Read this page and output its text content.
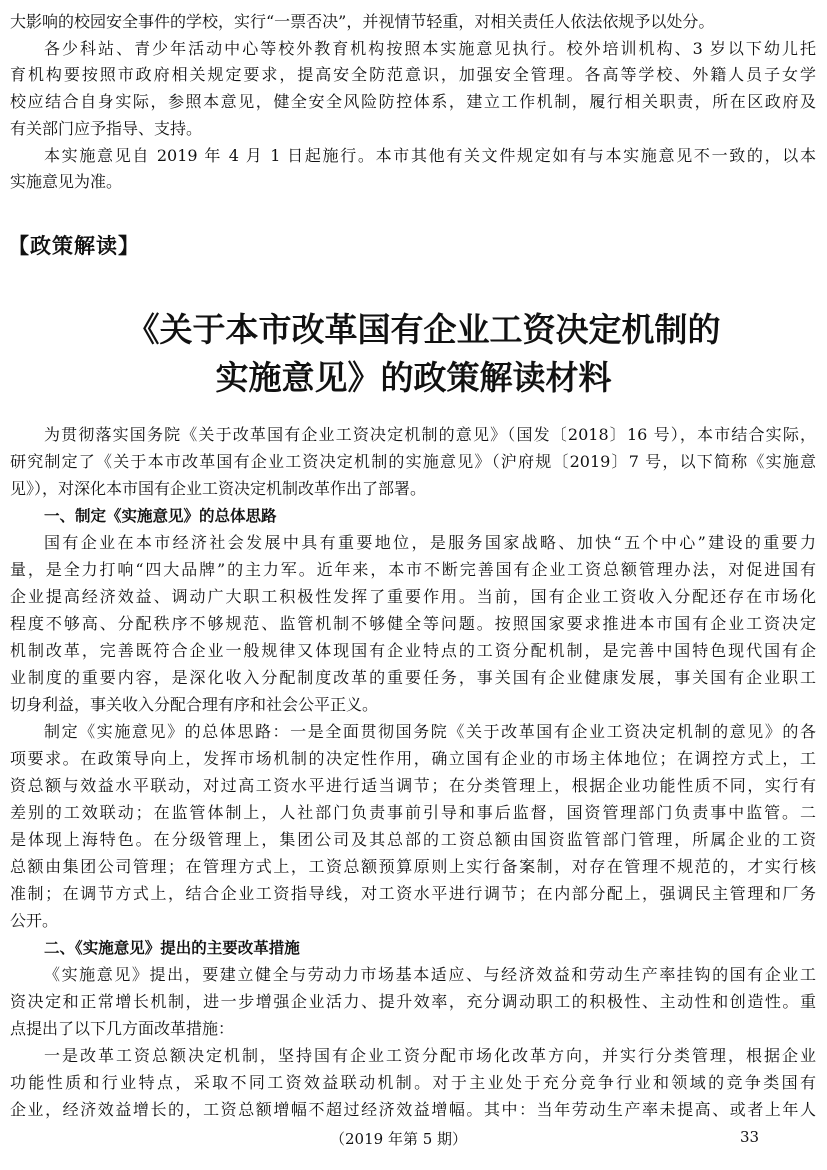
大影响的校园安全事件的学校，实行“一票否决”，并视情节轻重，对相关责任人依法依规予以处分。
各少科站、青少年活动中心等校外教育机构按照本实施意见执行。校外培训机构、3 岁以下幼儿托
育机构要按照市政府相关规定要求，提高安全防范意识，加强安全管理。各高等学校、外籍人员子女学
校应结合自身实际，参照本意见，健全安全风险防控体系，建立工作机制，履行相关职责，所在区政府及
有关部门应予指导、支持。
本实施意见自 2019 年 4 月 1 日起施行。本市其他有关文件规定如有与本实施意见不一致的，以本
实施意见为准。
【政策解读】
《关于本市改革国有企业工资决定机制的
实施意见》的政策解读材料
为贯彻落实国务院《关于改革国有企业工资决定机制的意见》（国发〔2018〕16 号），本市结合实际，
研究制定了《关于本市改革国有企业工资决定机制的实施意见》（沪府规〔2019〕7 号，以下简称《实施意
见》），对深化本市国有企业工资决定机制改革作出了部署。
一、制定《实施意见》的总体思路
国有企业在本市经济社会发展中具有重要地位，是服务国家战略、加快“五个中心”建设的重要力
量，是全力打响“四大品牌”的主力军。近年来，本市不断完善国有企业工资总额管理办法，对促进国有
企业提高经济效益、调动广大职工积极性发挥了重要作用。当前，国有企业工资收入分配还存在市场化
程度不够高、分配秩序不够规范、监管机制不够健全等问题。按照国家要求推进本市国有企业工资决定
机制改革，完善既符合企业一般规律又体现国有企业特点的工资分配机制，是完善中国特色现代国有企
业制度的重要内容，是深化收入分配制度改革的重要任务，事关国有企业健康发展，事关国有企业职工
切身利益，事关收入分配合理有序和社会公平正义。
制定《实施意见》的总体思路：一是全面贯彻国务院《关于改革国有企业工资决定机制的意见》的各
项要求。在政策导向上，发挥市场机制的决定性作用，确立国有企业的市场主体地位；在调控方式上，工
资总额与效益水平联动，对过高工资水平进行适当调节；在分类管理上，根据企业功能性质不同，实行有
差别的工效联动；在监管体制上，人社部门负责事前引导和事后监督，国资管理部门负责事中监管。二
是体现上海特色。在分级管理上，集团公司及其总部的工资总额由国资监管部门管理，所属企业的工资
总额由集团公司管理；在管理方式上，工资总额预算原则上实行备案制，对存在管理不规范的，才实行核
准制；在调节方式上，结合企业工资指导线，对工资水平进行调节；在内部分配上，强调民主管理和厂务
公开。
二、《实施意见》提出的主要改革措施
《实施意见》提出，要建立健全与劳动力市场基本适应、与经济效益和劳动生产率挂钩的国有企业工
资决定和正常增长机制，进一步增强企业活力、提升效率，充分调动职工的积极性、主动性和创造性。重
点提出了以下几方面改革措施：
一是改革工资总额决定机制，坚持国有企业工资分配市场化改革方向，并实行分类管理，根据企业
功能性质和行业特点，采取不同工资效益联动机制。对于主业处于充分竞争行业和领域的竞争类国有
企业，经济效益增长的，工资总额增幅不超过经济效益增幅。其中：当年劳动生产率未提高、或者上年人
（2019 年第 5 期）	33
